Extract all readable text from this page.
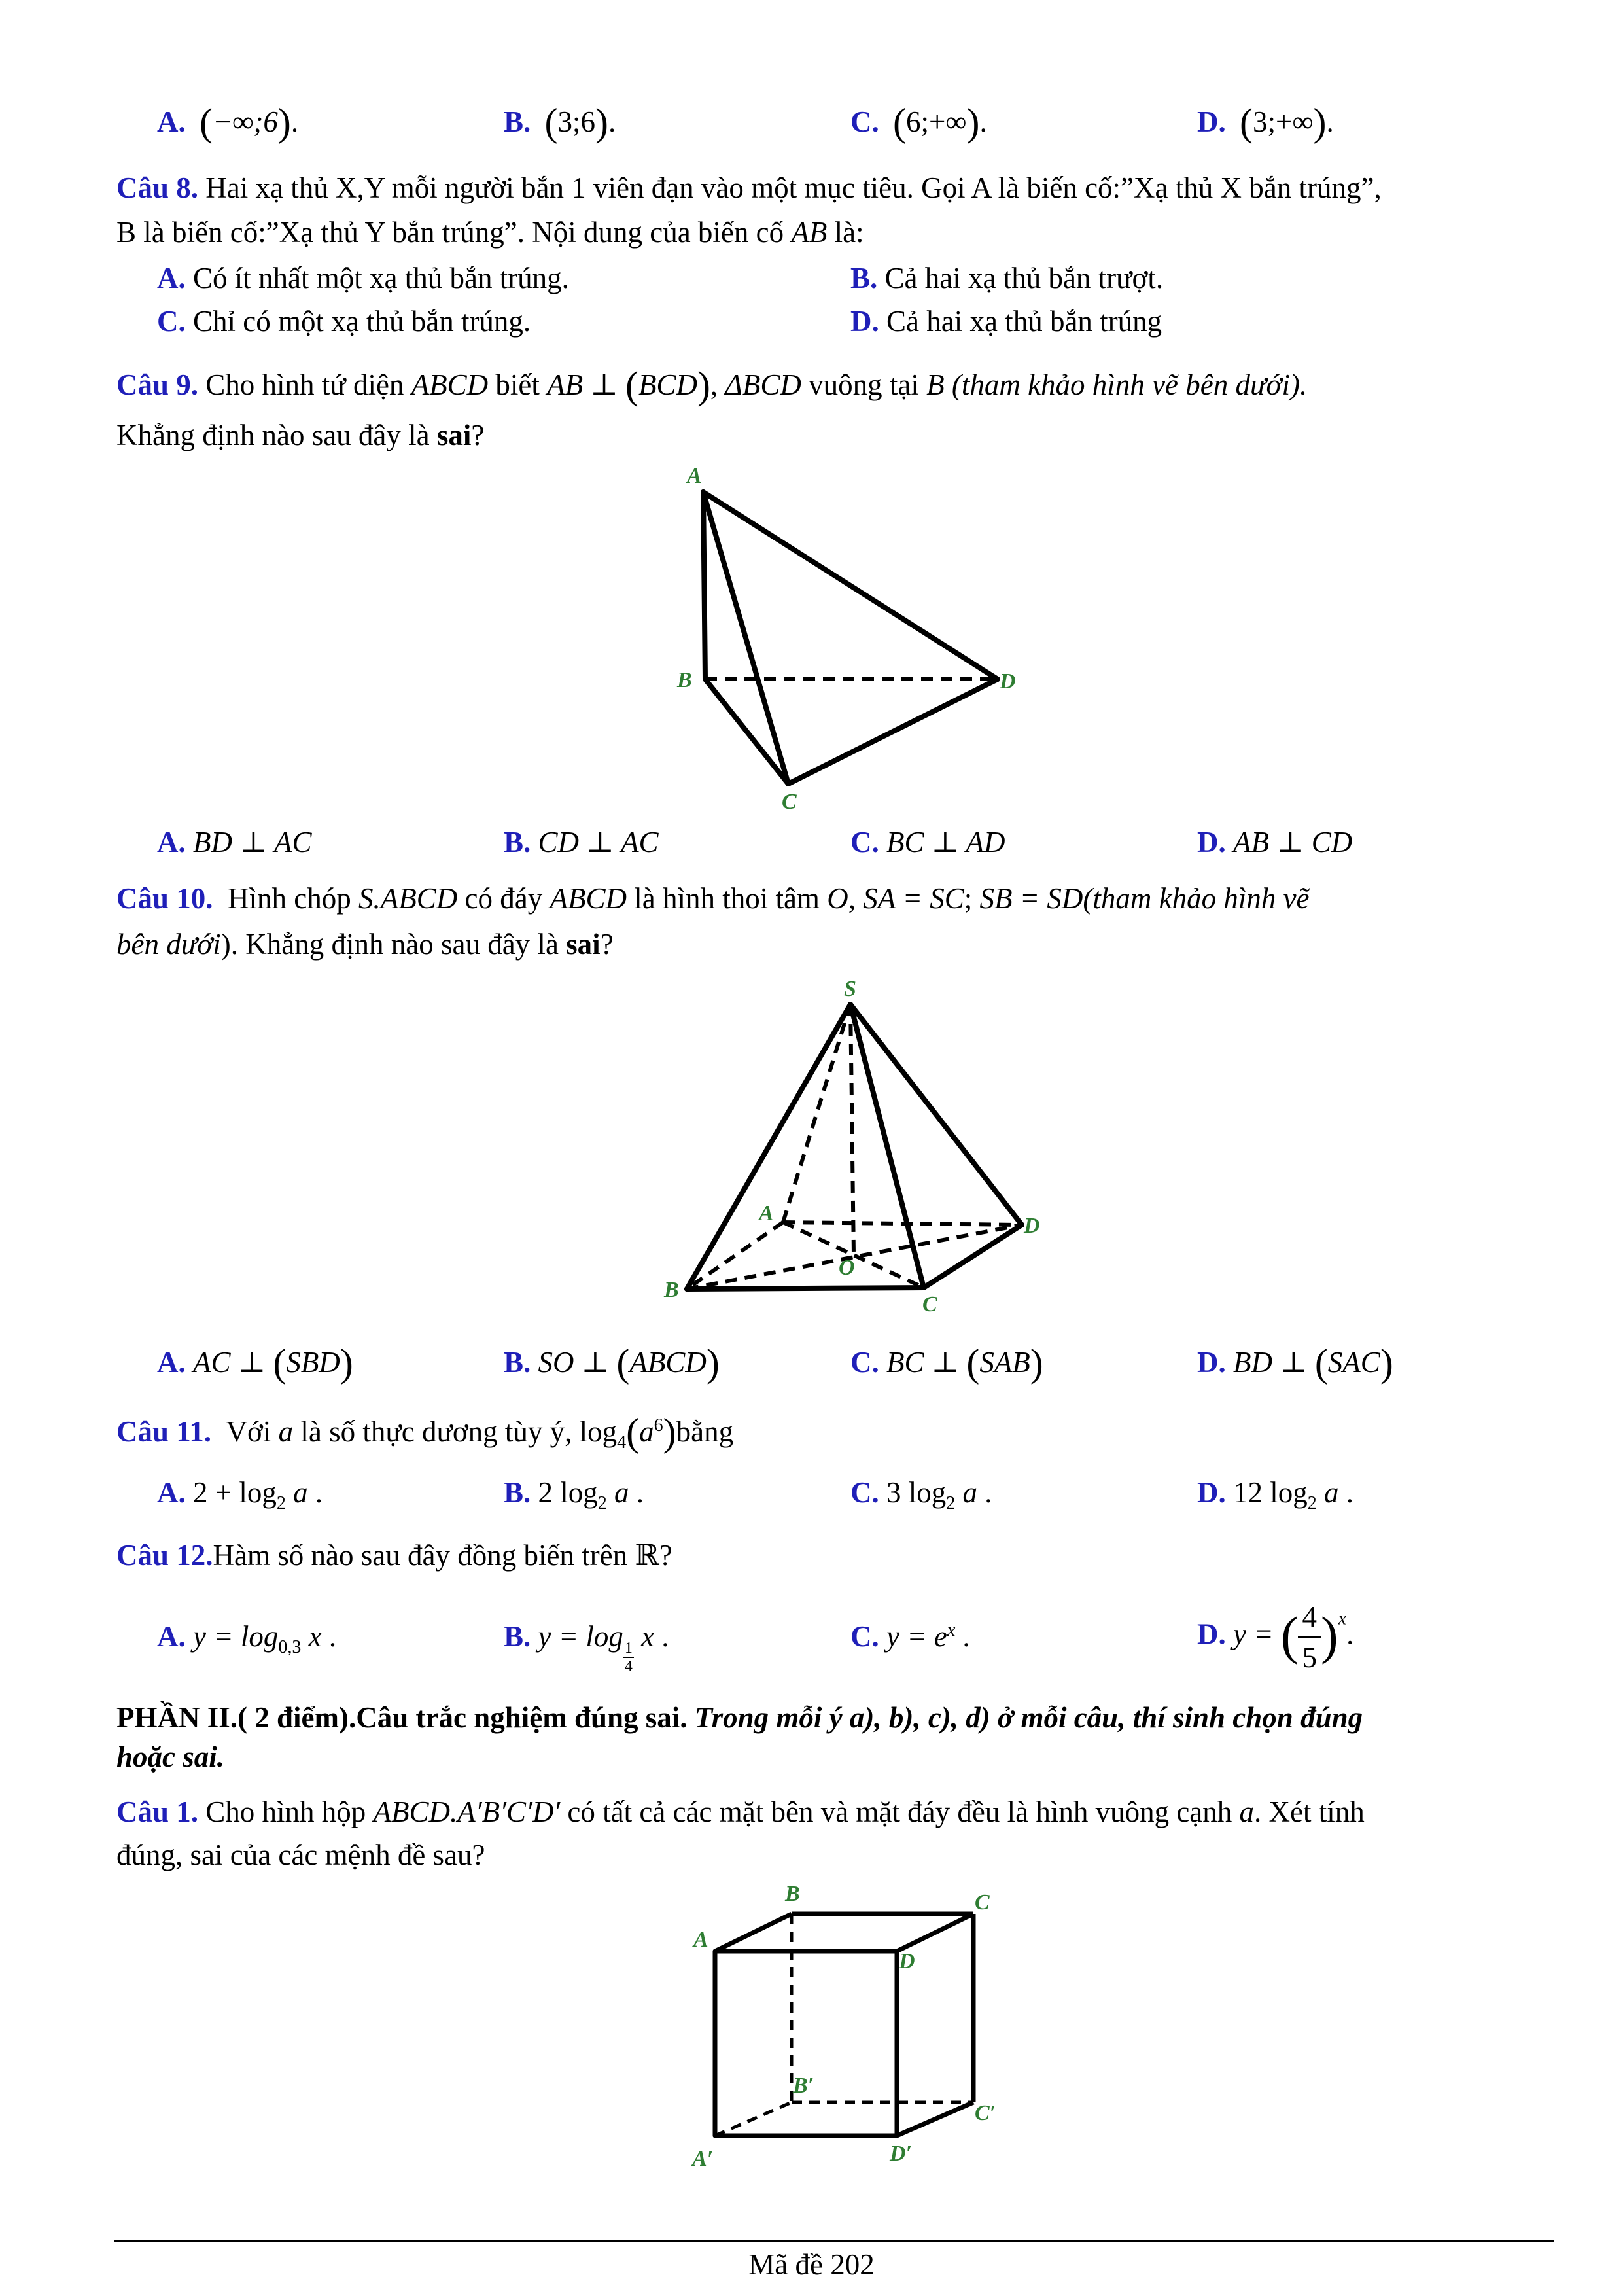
A. (−∞;6).	B. (3;6).	C. (6;+∞).	D. (3;+∞).
Câu 8. Hai xạ thủ X,Y mỗi người bắn 1 viên đạn vào một mục tiêu. Gọi A là biến cố:”Xạ thủ X bắn trúng”,
B là biến cố:”Xạ thủ Y bắn trúng”. Nội dung của biến cố AB là:
A. Có ít nhất một xạ thủ bắn trúng.	B. Cả hai xạ thủ bắn trượt.
C. Chỉ có một xạ thủ bắn trúng.	D. Cả hai xạ thủ bắn trúng
Câu 9. Cho hình tứ diện ABCD biết AB ⊥ (BCD), ΔBCD vuông tại B (tham khảo hình vẽ bên dưới).
Khẳng định nào sau đây là sai?
A
B
C
D
A. BD ⊥ AC	B. CD ⊥ AC	C. BC ⊥ AD	D. AB ⊥ CD
Câu 10. Hình chóp S.ABCD có đáy ABCD là hình thoi tâm O, SA = SC; SB = SD(tham khảo hình vẽ
bên dưới). Khẳng định nào sau đây là sai?
S
A
B
C
D
O
A. AC ⊥ (SBD)	B. SO ⊥ (ABCD)	C. BC ⊥ (SAB)	D. BD ⊥ (SAC)
Câu 11. Với a là số thực dương tùy ý, $\log_4(a^6)bằng$
A. $2 + \log_2 a$ .	B. 2 $\log_2 a$ .	C. 3 $\log_2 a$ .	D. 12 $\log_2 a$ .
Câu 12.Hàm số nào sau đây đồng biến trên ℝ?
A. $y = \log_{0,3} x$ .	B. y = log
$\frac{1}{4}$
x .	C. $y = e^x$ .	D. y = ( $\frac{4}{5} )^x$.
PHẦN II.( 2 điểm).Câu trắc nghiệm đúng sai. Trong mỗi ý a), b), c), d) ở mỗi câu, thí sinh chọn đúng
hoặc sai.
Câu 1. Cho hình hộp ABCD.A′B′C′D′ có tất cả các mặt bên và mặt đáy đều là hình vuông cạnh a. Xét tính
đúng, sai của các mệnh đề sau?
A
B	C
D
B′
C′
A′	D′
Mã đề 202
